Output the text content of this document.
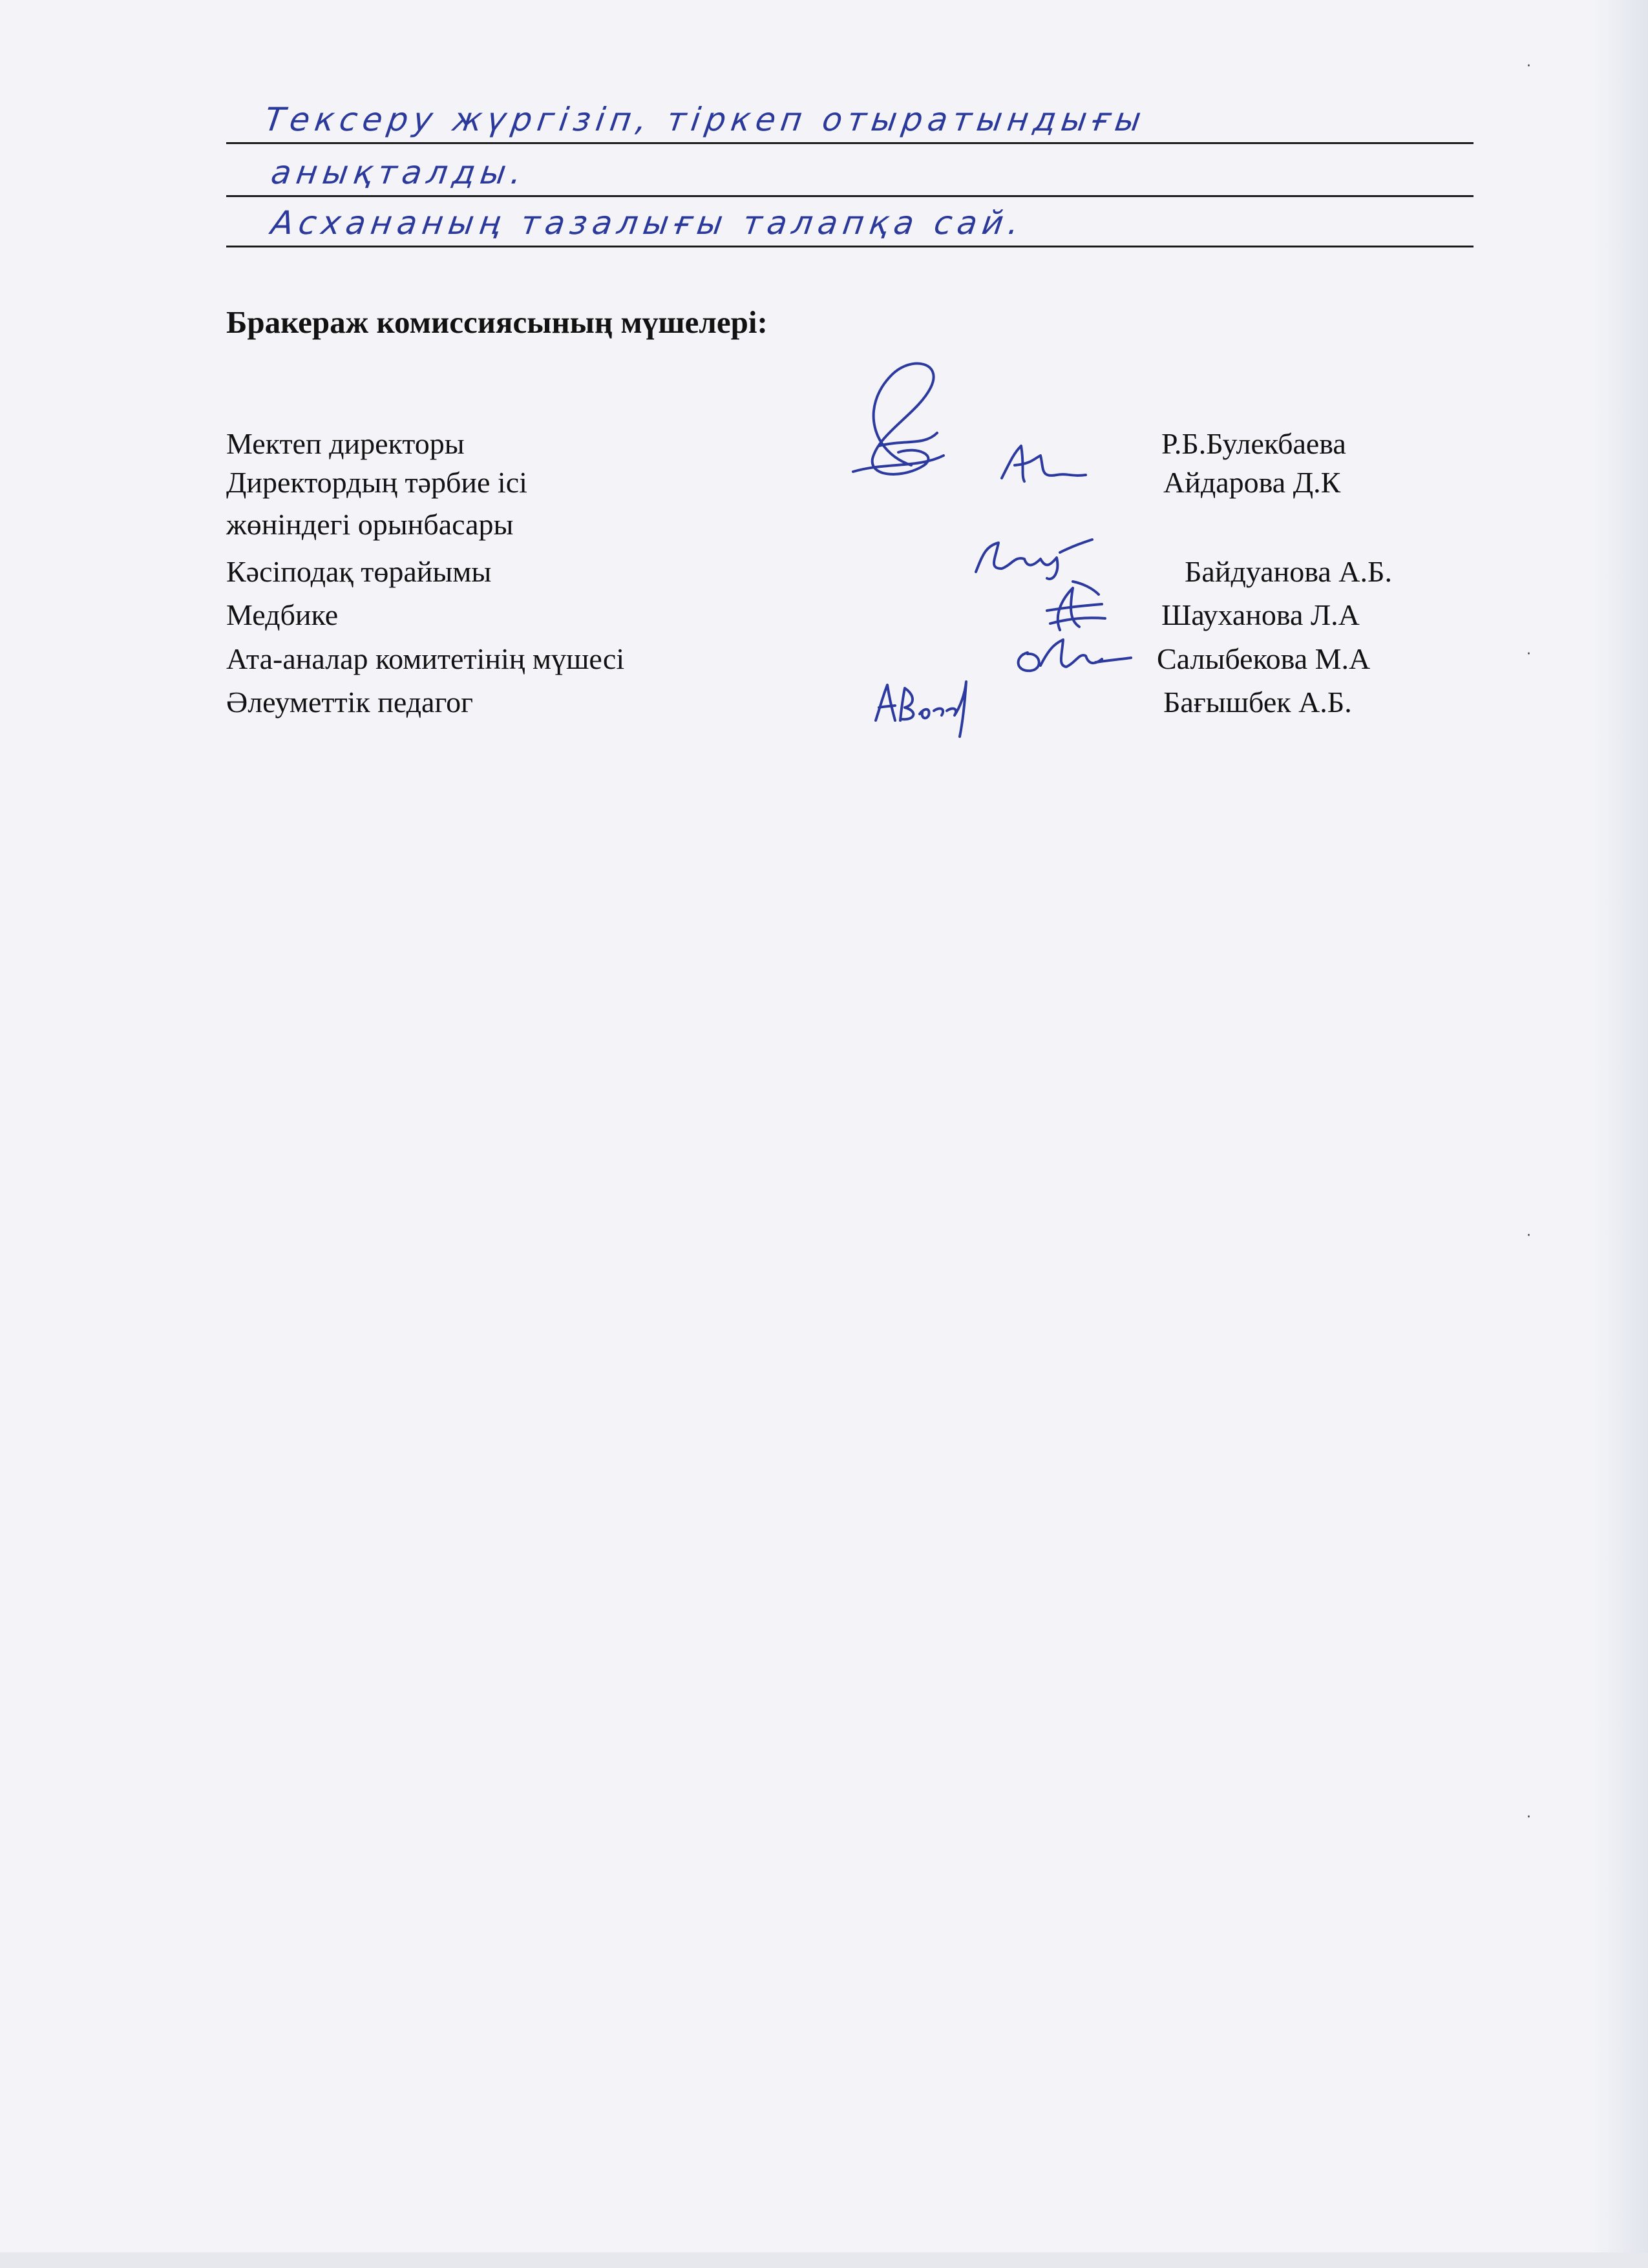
Тексеру жүргізіп, тіркеп отыратындығы
анықталды.
Асхананың тазалығы талапқа сай.
Бракераж комиссиясының мүшелері:
Мектеп директоры
Директордың тәрбие ісі
жөніндегі орынбасары
Кәсіподақ төрайымы
Медбике
Ата-аналар комитетінің мүшесі
Әлеуметтік педагог
Р.Б.Булекбаева
Айдарова Д.К
Байдуанова А.Б.
Шауханова Л.А
Салыбекова М.А
Бағышбек А.Б.
·
·
·
·
